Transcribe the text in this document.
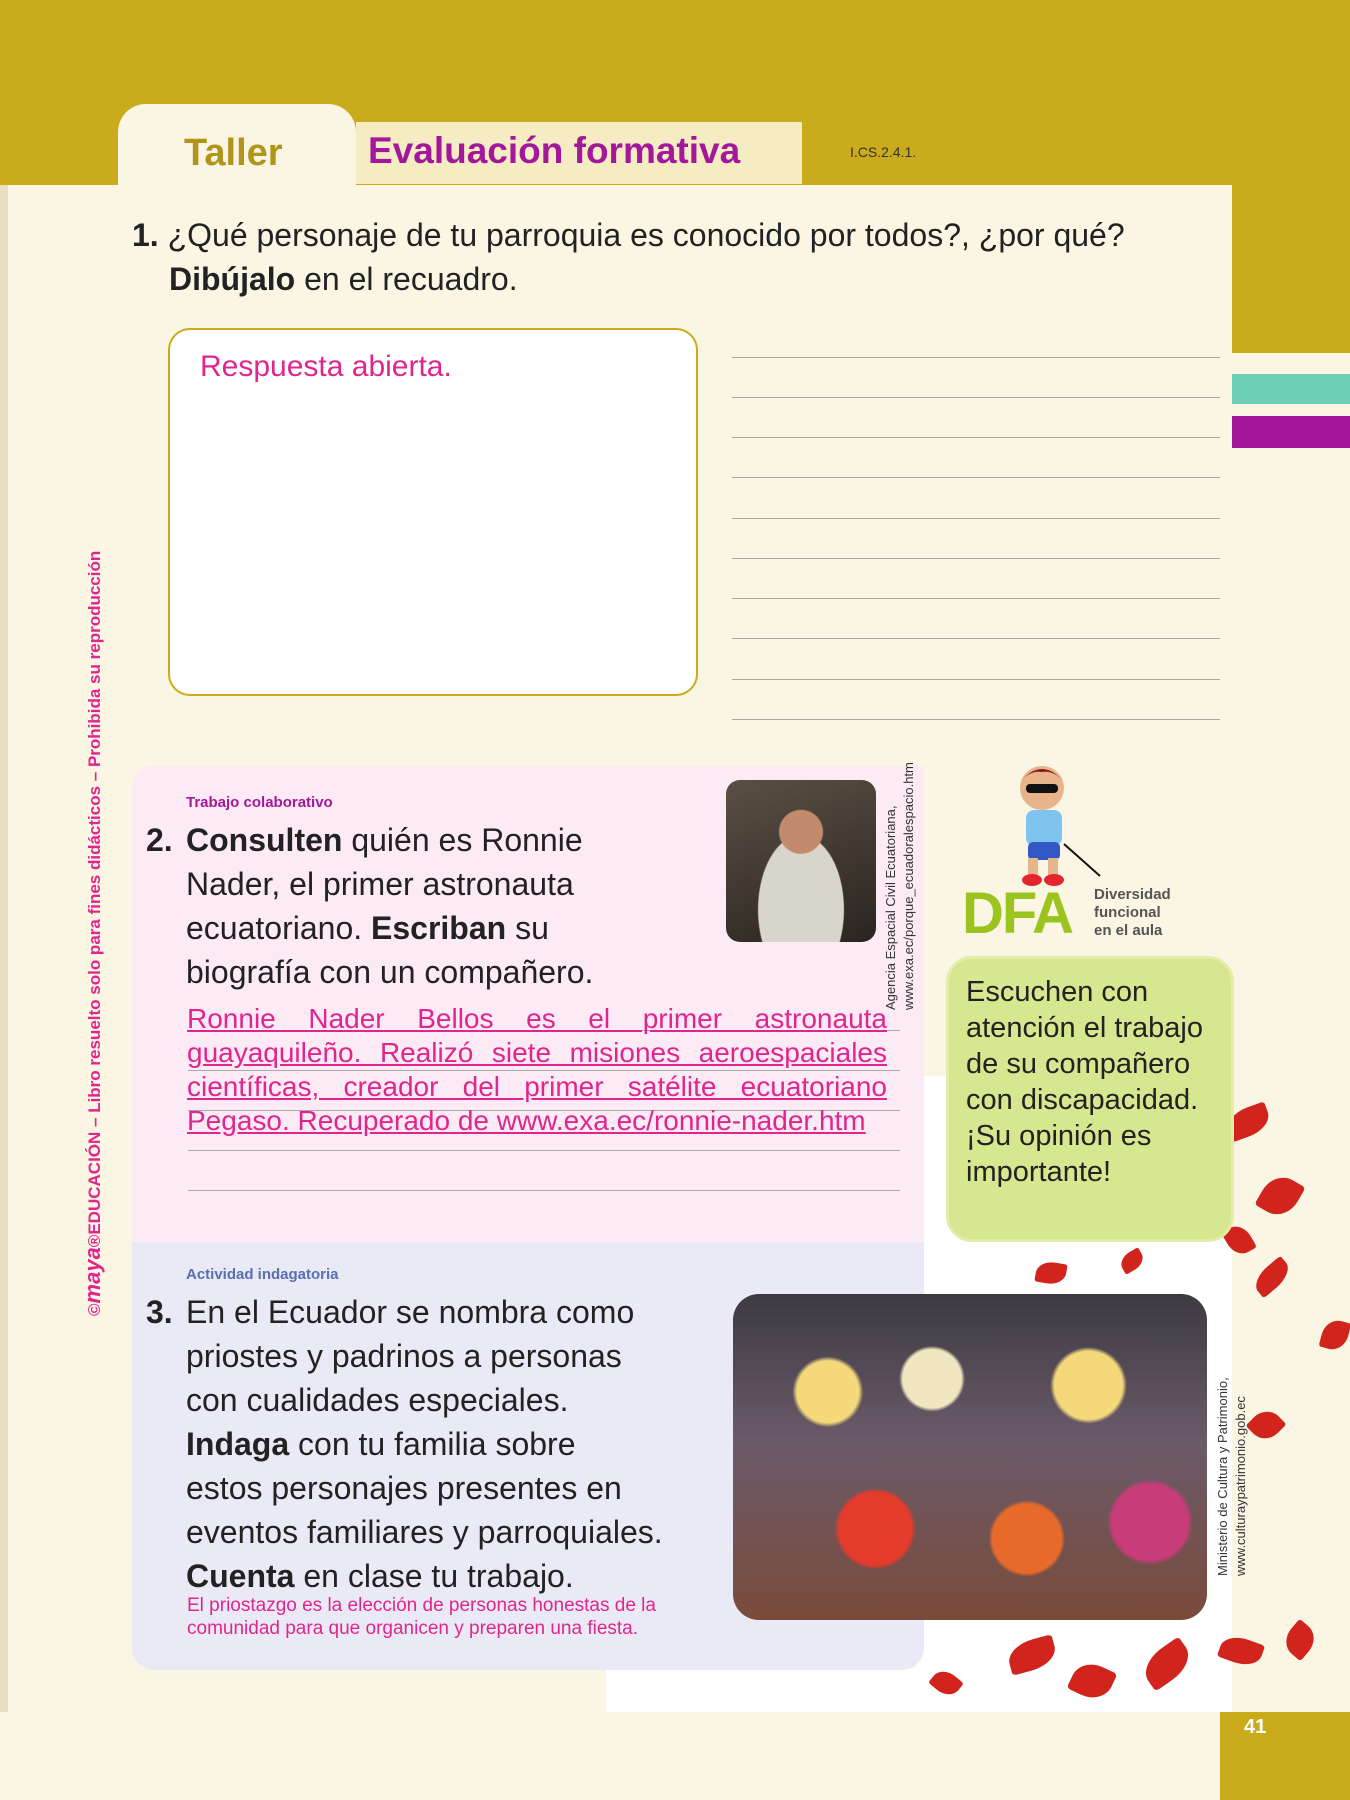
Taller Evaluación formativa	I.CS.2.4.1.
1. ¿Qué personaje de tu parroquia es conocido por todos?, ¿por qué?
Dibújalo en el recuadro.
Respuesta abierta.
Trabajo colaborativo
2. Consulten quién es Ronnie
Nader, el primer astronauta
ecuatoriano. Escriban su
biografía con un compañero.	Agencia Espacial Civil Ecuatoriana, www.exa.ec/porque_ecuadoralespacio.htm
Ronnie Nader Bellos es el primer astronauta guayaquileño. Realizó siete misiones aeroespaciales científicas, creador del primer satélite ecuatoriano Pegaso. Recuperado de www.exa.ec/ronnie-nader.htm
DFA Diversidad
funcional
en el aula
Escuchen con atención el trabajo de su compañero con discapacidad. ¡Su opinión es importante!
Actividad indagatoria
3. En el Ecuador se nombra como
priostes y padrinos a personas
con cualidades especiales.
Indaga con tu familia sobre
estos personajes presentes en
eventos familiares y parroquiales.
Cuenta en clase tu trabajo.
El priostazgo es la elección de personas honestas de la comunidad para que organicen y preparen una fiesta.
Ministerio de Cultura y Patrimonio, www.culturaypatrimonio.gob.ec
©maya®EDUCACIÓN – Libro resuelto solo para fines didácticos – Prohibida su reproducción
41
